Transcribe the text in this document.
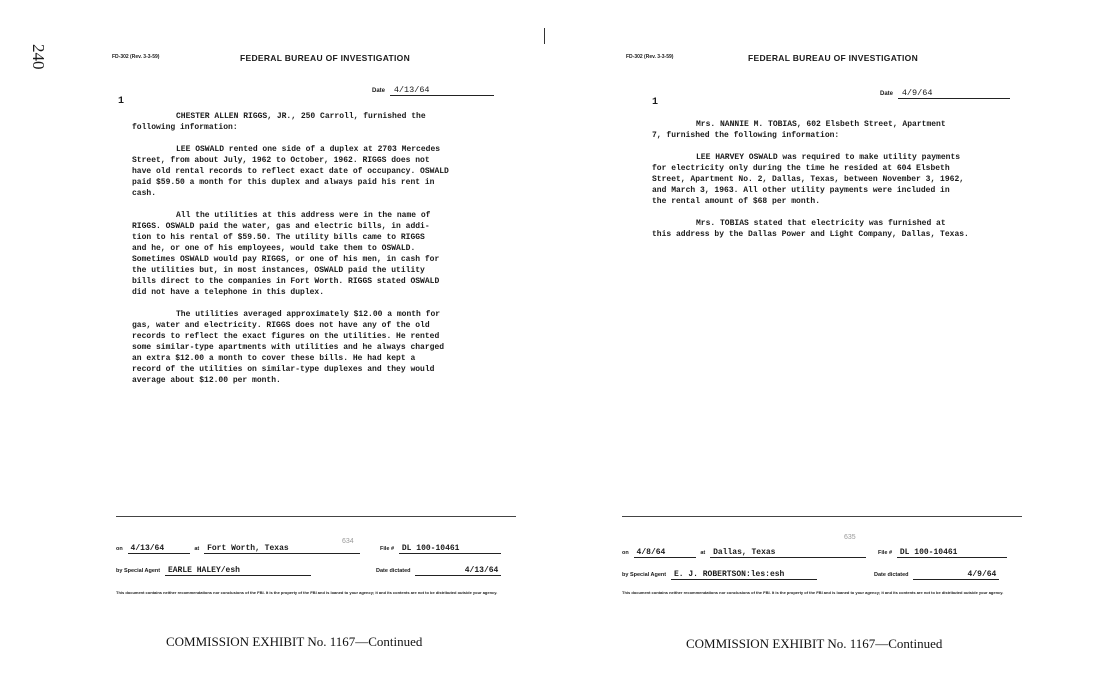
240	FD-302 (Rev. 3-3-59)	FEDERAL BUREAU OF INVESTIGATION
Date 4/13/64
1

CHESTER ALLEN RIGGS, JR., 250 Carroll, furnished the
following information:

LEE OSWALD rented one side of a duplex at 2703 Mercedes
Street, from about July, 1962 to October, 1962. RIGGS does not
have old rental records to reflect exact date of occupancy. OSWALD
paid $59.50 a month for this duplex and always paid his rent in
cash.

All the utilities at this address were in the name of
RIGGS. OSWALD paid the water, gas and electric bills, in addi-
tion to his rental of $59.50. The utility bills came to RIGGS
and he, or one of his employees, would take them to OSWALD.
Sometimes OSWALD would pay RIGGS, or one of his men, in cash for
the utilities but, in most instances, OSWALD paid the utility
bills direct to the companies in Fort Worth. RIGGS stated OSWALD
did not have a telephone in this duplex.

The utilities averaged approximately $12.00 a month for
gas, water and electricity. RIGGS does not have any of the old
records to reflect the exact figures on the utilities. He rented
some similar-type apartments with utilities and he always charged
an extra $12.00 a month to cover these bills. He had kept a
record of the utilities on similar-type duplexes and they would
average about $12.00 per month.

on 4/13/64	at Fort Worth, Texas
634
File # DL 100-10461
by Special Agent EARLE HALEY/esh	Date dictated	4/13/64
This document contains neither recommendations nor conclusions of the FBI. It is the property of the FBI and is loaned to your agency; it and its contents are not to be distributed outside your agency.
FD-302 (Rev. 3-3-59)	FEDERAL BUREAU OF INVESTIGATION
Date 4/9/64
1

Mrs. NANNIE M. TOBIAS, 602 Elsbeth Street, Apartment
7, furnished the following information:

LEE HARVEY OSWALD was required to make utility payments
for electricity only during the time he resided at 604 Elsbeth
Street, Apartment No. 2, Dallas, Texas, between November 3, 1962,
and March 3, 1963. All other utility payments were included in
the rental amount of $68 per month.

Mrs. TOBIAS stated that electricity was furnished at
this address by the Dallas Power and Light Company, Dallas, Texas.

on 4/8/64	at Dallas, Texas
635
File # DL 100-10461
by Special Agent E. J. ROBERTSON:les:esh	Date dictated	4/9/64
This document contains neither recommendations nor conclusions of the FBI. It is the property of the FBI and is loaned to your agency; it and its contents are not to be distributed outside your agency.
COMMISSION EXHIBIT No. 1167—Continued	COMMISSION EXHIBIT No. 1167—Continued
